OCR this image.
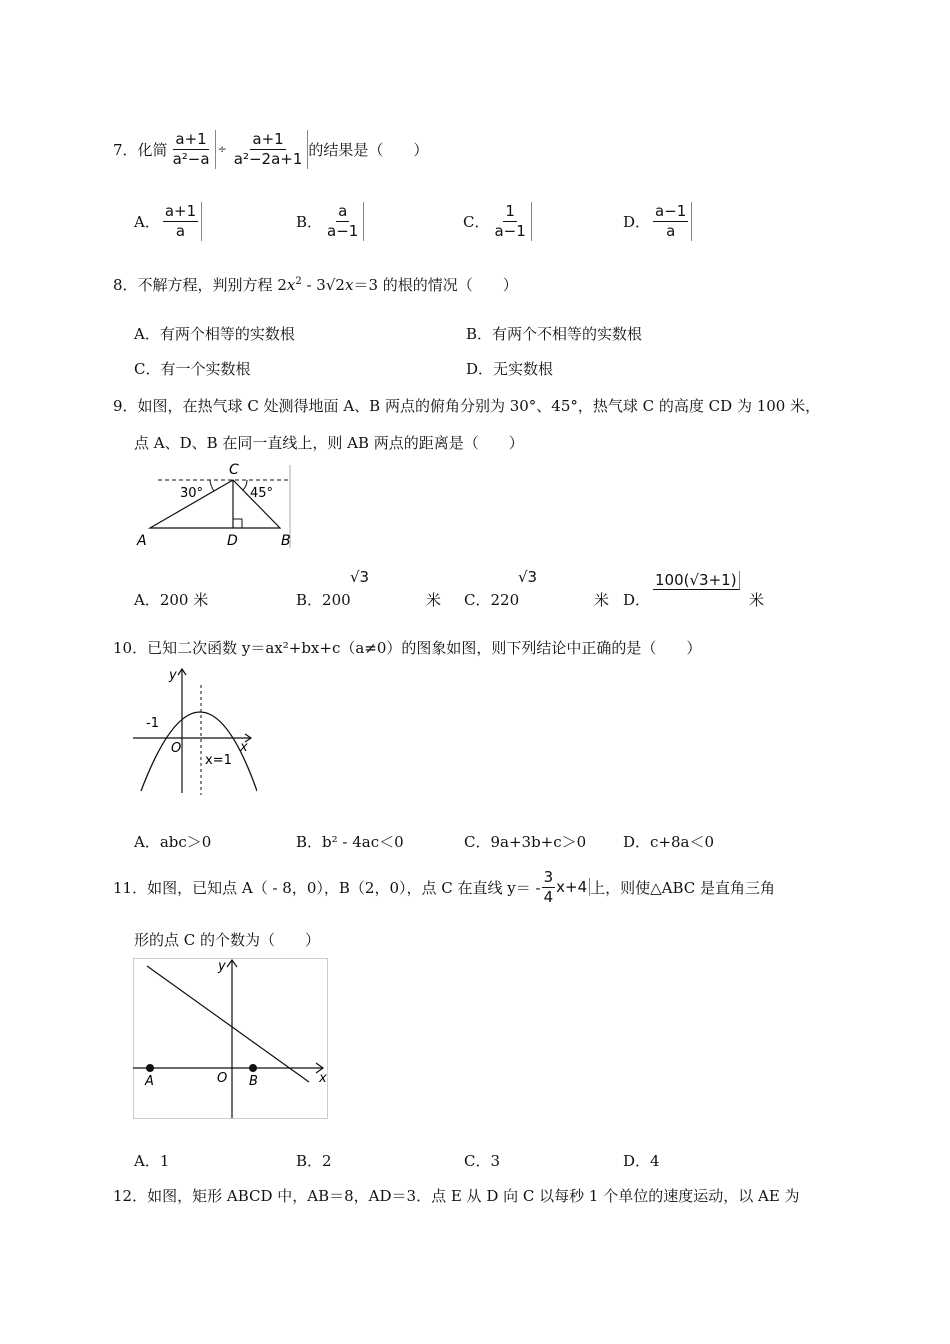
7． 化简 $\frac{a+1}{\text{a²−a}} \div \frac{a+1}{\text{a²−2a+1}}$ 的结果是（　　）
A． $\frac{a+1}{a}$	B． $\frac{a}{a-1}$	C． $\frac{1}{a-1}$	D． $\frac{a-1}{a}$
8．不解方程，判别方程 $2x^2 - 3√2x=3$ 的根的情况（　　）
A．有两个相等的实数根	B．有两个不相等的实数根
C．有一个实数根	D．无实数根
9．如图，在热气球 C 处测得地面 A、B 两点的俯角分别为 30°、45°，热气球 C 的高度 CD 为 100 米，
点 A、D、B 在同一直线上，则 AB 两点的距离是（　　）
C
30°	45°
A	D	B
A．200 米	B．200
√3
米 C．220
√3
米 D．
100(√3+1)
米
10．已知二次函数 y＝ax²+bx+c（a≠0）的图象如图，则下列结论中正确的是（　　）
y
x
O
-1
x=1
A．abc＞0	B．b² - 4ac＜0	C．9a+3b+c＞0 D．c+8a＜0
11． 如图，已知点 A（ - 8，0），B（2，0），点 C 在直线 $y= - \frac{3}{4} x+4$ 上，则使△ABC 是直角三角
形的点 C 的个数为（　　）
y
x
O
A	B
A．1	B．2	C．3	D．4
12．如图，矩形 ABCD 中，AB＝8，AD＝3．点 E 从 D 向 C 以每秒 1 个单位的速度运动，以 AE 为
